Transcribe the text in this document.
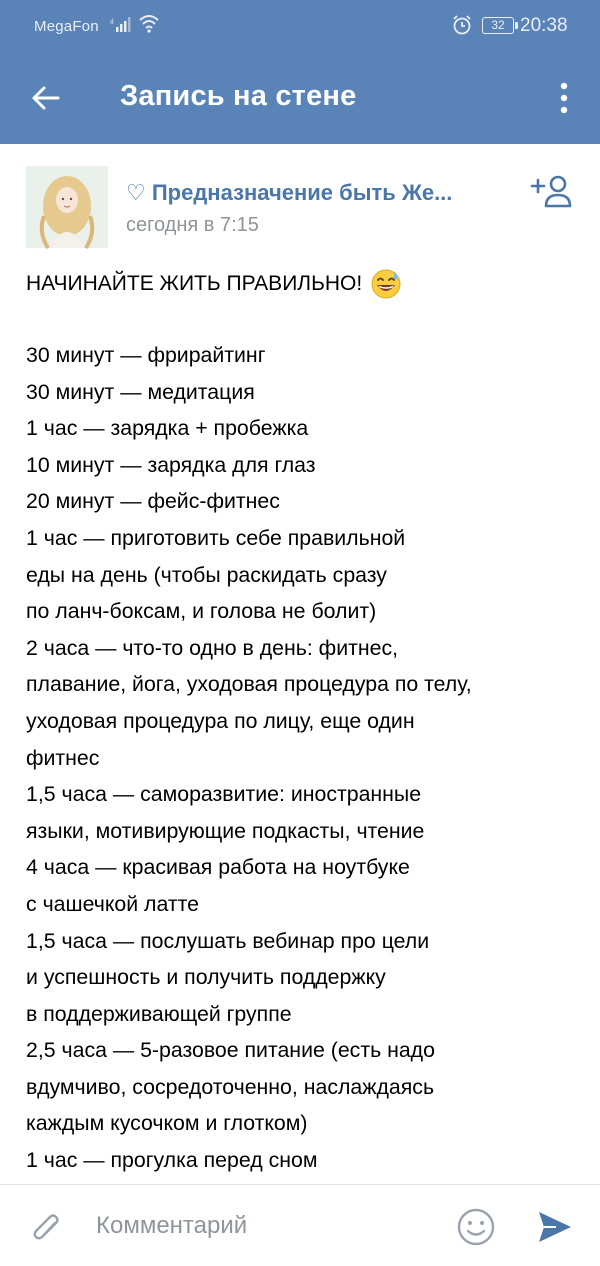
MegaFon ıl	32 20:38
Запись на стене
♡ Предназначение быть Же...
сегодня в 7:15
НАЧИНАЙТЕ ЖИТЬ ПРАВИЛЬНО!
30 минут — фрирайтинг
30 минут — медитация
1 час — зарядка + пробежка
10 минут — зарядка для глаз
20 минут — фейс-фитнес
1 час — приготовить себе правильной
еды на день (чтобы раскидать сразу
по ланч-боксам, и голова не болит)
2 часа — что-то одно в день: фитнес,
плавание, йога, уходовая процедура по телу,
уходовая процедура по лицу, еще один
фитнес
1,5 часа — саморазвитие: иностранные
языки, мотивирующие подкасты, чтение
4 часа — красивая работа на ноутбуке
с чашечкой латте
1,5 часа — послушать вебинар про цели
и успешность и получить поддержку
в поддерживающей группе
2,5 часа — 5-разовое питание (есть надо
вдумчиво, сосредоточенно, наслаждаясь
каждым кусочком и глотком)
1 час — прогулка перед сном
Комментарий
